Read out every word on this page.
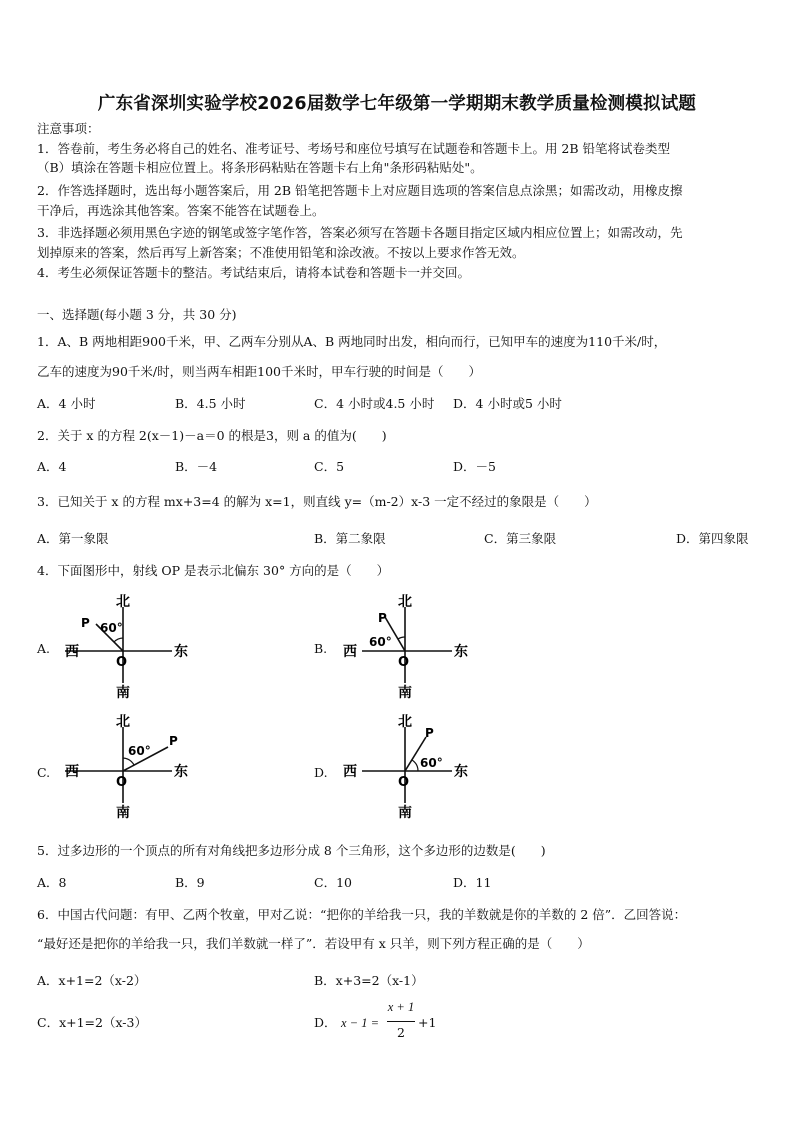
广东省深圳实验学校2026届数学七年级第一学期期末教学质量检测模拟试题
注意事项：
1．答卷前，考生务必将自己的姓名、准考证号、考场号和座位号填写在试题卷和答题卡上。用 2B 铅笔将试卷类型
（B）填涂在答题卡相应位置上。将条形码粘贴在答题卡右上角"条形码粘贴处"。
2．作答选择题时，选出每小题答案后，用 2B 铅笔把答题卡上对应题目选项的答案信息点涂黑；如需改动，用橡皮擦
干净后，再选涂其他答案。答案不能答在试题卷上。
3．非选择题必须用黑色字迹的钢笔或签字笔作答，答案必须写在答题卡各题目指定区域内相应位置上；如需改动，先
划掉原来的答案，然后再写上新答案；不准使用铅笔和涂改液。不按以上要求作答无效。
4．考生必须保证答题卡的整洁。考试结束后，请将本试卷和答题卡一并交回。
一、选择题(每小题 3 分，共 30 分)
1．A、B 两地相距900千米，甲、乙两车分别从A、B 两地同时出发，相向而行，已知甲车的速度为110千米/时，
乙车的速度为90千米/时，则当两车相距100千米时，甲车行驶的时间是（　　）
A．4 小时	B．4.5 小时	C．4 小时或4.5 小时 D．4 小时或5 小时
2．关于 x 的方程 2(x－1)－a＝0 的根是3，则 a 的值为(　　)
A．4	B．－4	C．5	D．－5
3．已知关于 x 的方程 mx+3=4 的解为 x=1，则直线 y=（m-2）x-3 一定不经过的象限是（　　）
A．第一象限	B．第二象限	C．第三象限	D．第四象限
4．下面图形中，射线 OP 是表示北偏东 30° 方向的是（　　）
A.	B.
C.	D.
北
南
西	东
O
P 60°
北
南
西	东
O
P
60°
北
南
西	东
O
P
60°
北
南
西	东
O
P
60°
5．过多边形的一个顶点的所有对角线把多边形分成 8 个三角形，这个多边形的边数是(　　)
A．8	B．9	C．10	D．11
6．中国古代问题：有甲、乙两个牧童，甲对乙说：“把你的羊给我一只，我的羊数就是你的羊数的 2 倍”．乙回答说：
“最好还是把你的羊给我一只，我们羊数就一样了”．若设甲有 x 只羊，则下列方程正确的是（　　）
A．x+1=2（x-2）	B．x+3=2（x-1）
C．x+1=2（x-3）	D． x − 1 =
x + 1
2
+1
